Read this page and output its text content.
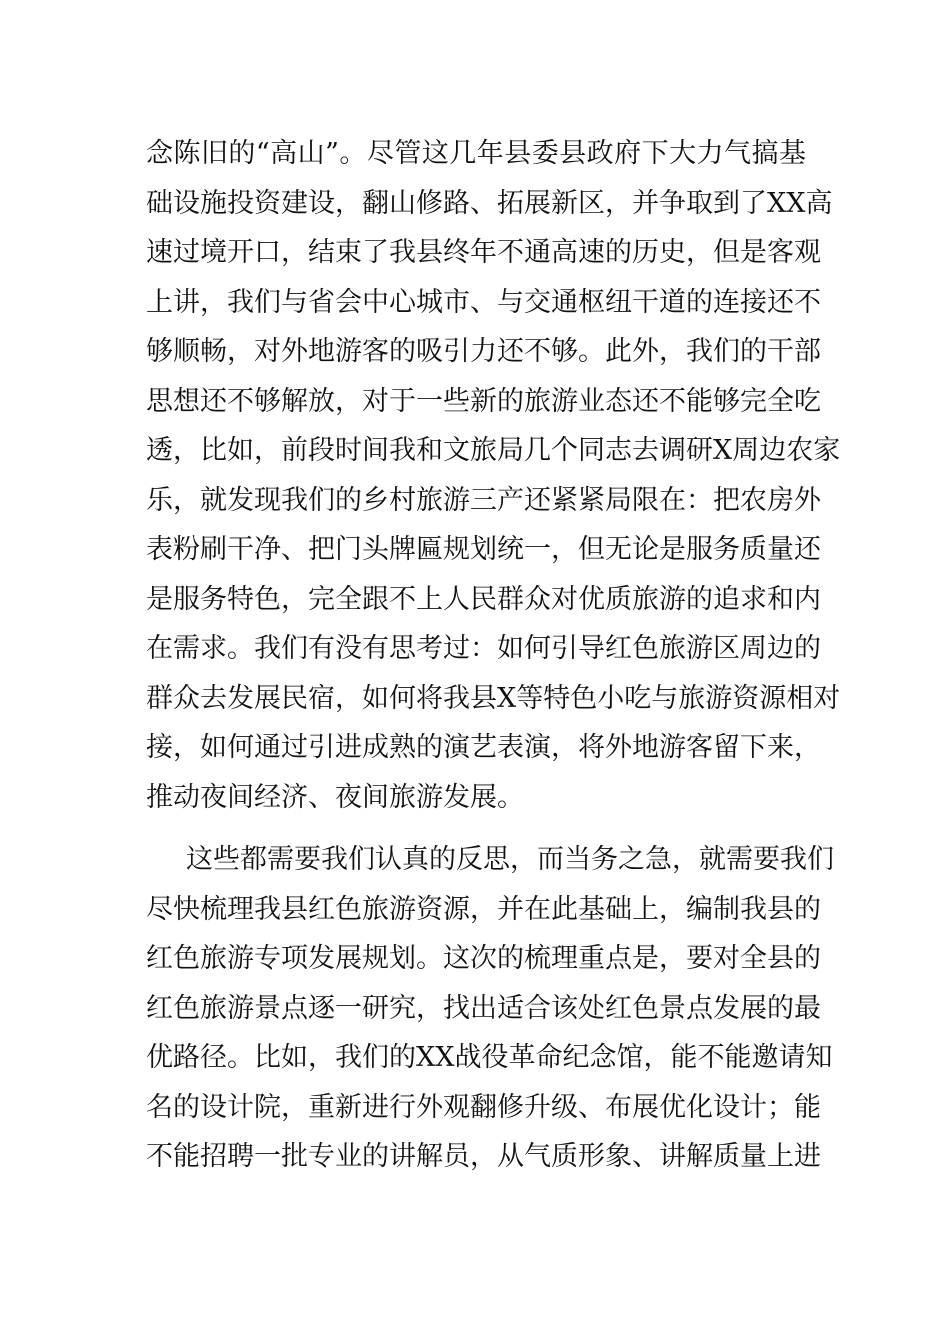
念陈旧的“高山”。尽管这几年县委县政府下大力气搞基
础设施投资建设，翻山修路、拓展新区，并争取到了XX高
速过境开口，结束了我县终年不通高速的历史，但是客观
上讲，我们与省会中心城市、与交通枢纽干道的连接还不
够顺畅，对外地游客的吸引力还不够。此外，我们的干部
思想还不够解放，对于一些新的旅游业态还不能够完全吃
透，比如，前段时间我和文旅局几个同志去调研X周边农家
乐，就发现我们的乡村旅游三产还紧紧局限在：把农房外
表粉刷干净、把门头牌匾规划统一，但无论是服务质量还
是服务特色，完全跟不上人民群众对优质旅游的追求和内
在需求。我们有没有思考过：如何引导红色旅游区周边的
群众去发展民宿，如何将我县X等特色小吃与旅游资源相对
接，如何通过引进成熟的演艺表演，将外地游客留下来，
推动夜间经济、夜间旅游发展。
这些都需要我们认真的反思，而当务之急，就需要我们
尽快梳理我县红色旅游资源，并在此基础上，编制我县的
红色旅游专项发展规划。这次的梳理重点是，要对全县的
红色旅游景点逐一研究，找出适合该处红色景点发展的最
优路径。比如，我们的XX战役革命纪念馆，能不能邀请知
名的设计院，重新进行外观翻修升级、布展优化设计；能
不能招聘一批专业的讲解员，从气质形象、讲解质量上进
